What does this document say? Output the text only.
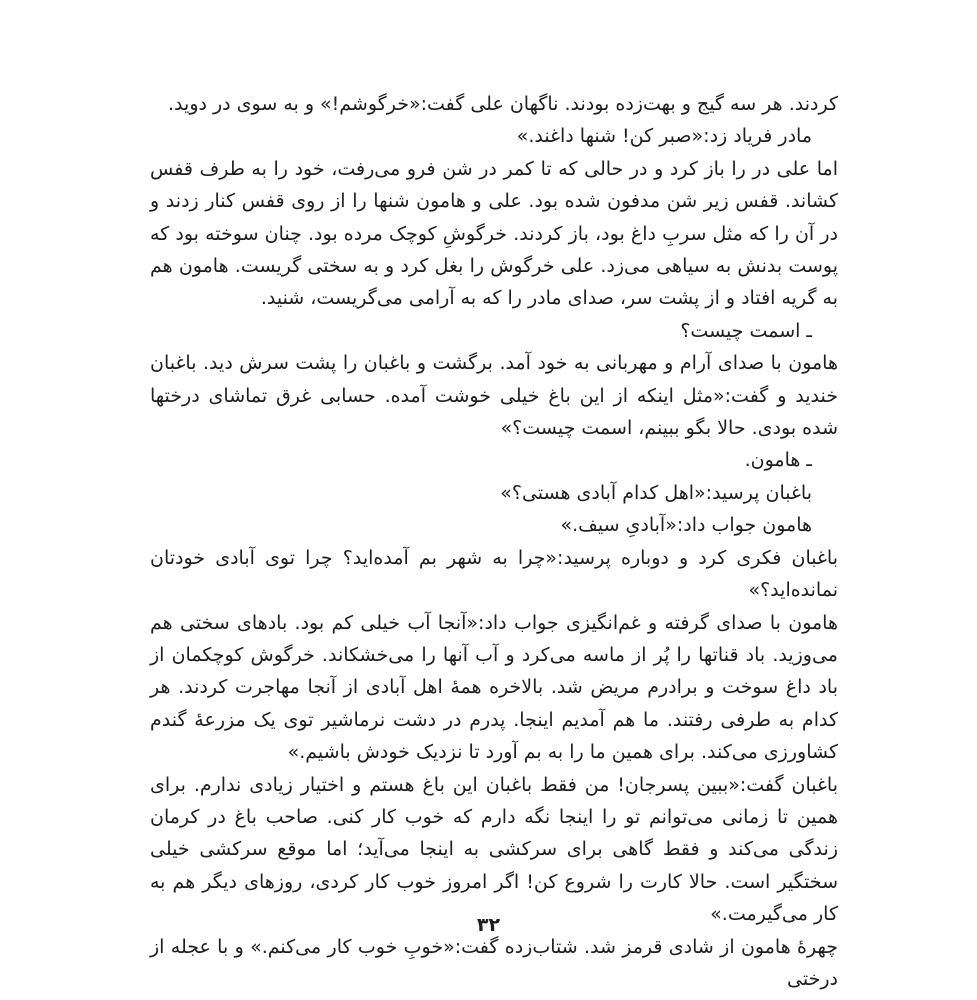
کردند. هر سه گیج و بهت‌زده بودند. ناگهان علی گفت:«خرگوشم!» و به سوی در دوید.

مادر فریاد زد:«صبر کن! شنها داغند.»

اما علی در را باز کرد و در حالی که تا کمر در شن فرو می‌رفت، خود را به طرف قفس کشاند. قفس زیر شن مدفون شده بود. علی و هامون شنها را از روی قفس کنار زدند و در آن را که مثل سربِ داغ بود، باز کردند. خرگوشِ کوچک مرده بود. چنان سوخته بود که پوست بدنش به سیاهی می‌زد. علی خرگوش را بغل کرد و به سختی گریست. هامون هم به گریه افتاد و از پشت سر، صدای مادر را که به آرامی می‌گریست، شنید.

ـ اسمت چیست؟

هامون با صدای آرام و مهربانی به خود آمد. برگشت و باغبان را پشت سرش دید. باغبان خندید و گفت:«مثل اینکه از این باغ خیلی خوشت آمده. حسابی غرق تماشای درختها شده بودی. حالا بگو ببینم، اسمت چیست؟»

ـ هامون.

باغبان پرسید:«اهل کدام آبادی هستی؟»

هامون جواب داد:«آبادیِ سیف.»

باغبان فکری کرد و دوباره پرسید:«چرا به شهر بم آمده‌اید؟ چرا توی آبادی خودتان نمانده‌اید؟»

هامون با صدای گرفته و غم‌انگیزی جواب داد:«آنجا آب خیلی کم بود. بادهای سختی هم می‌وزید. باد قناتها را پُر از ماسه می‌کرد و آب آنها را می‌خشکاند. خرگوش کوچکمان از باد داغ سوخت و برادرم مریض شد. بالاخره همهٔ اهل آبادی از آنجا مهاجرت کردند. هر کدام به طرفی رفتند. ما هم آمدیم اینجا. پدرم در دشت نرماشیر توی یک مزرعهٔ گندم کشاورزی می‌کند. برای همین ما را به بم آورد تا نزدیک خودش باشیم.»

باغبان گفت:«ببین پسرجان! من فقط باغبان این باغ هستم و اختیار زیادی ندارم. برای همین تا زمانی می‌توانم تو را اینجا نگه دارم که خوب کار کنی. صاحب باغ در کرمان زندگی می‌کند و فقط گاهی برای سرکشی به اینجا می‌آید؛ اما موقع سرکشی خیلی سختگیر است. حالا کارت را شروع کن! اگر امروز خوب کار کردی، روزهای دیگر هم به کار می‌گیرمت.»

چهرهٔ هامون از شادی قرمز شد. شتاب‌زده گفت:«خوبِ خوب کار می‌کنم.» و با عجله از درختی

۳۲
